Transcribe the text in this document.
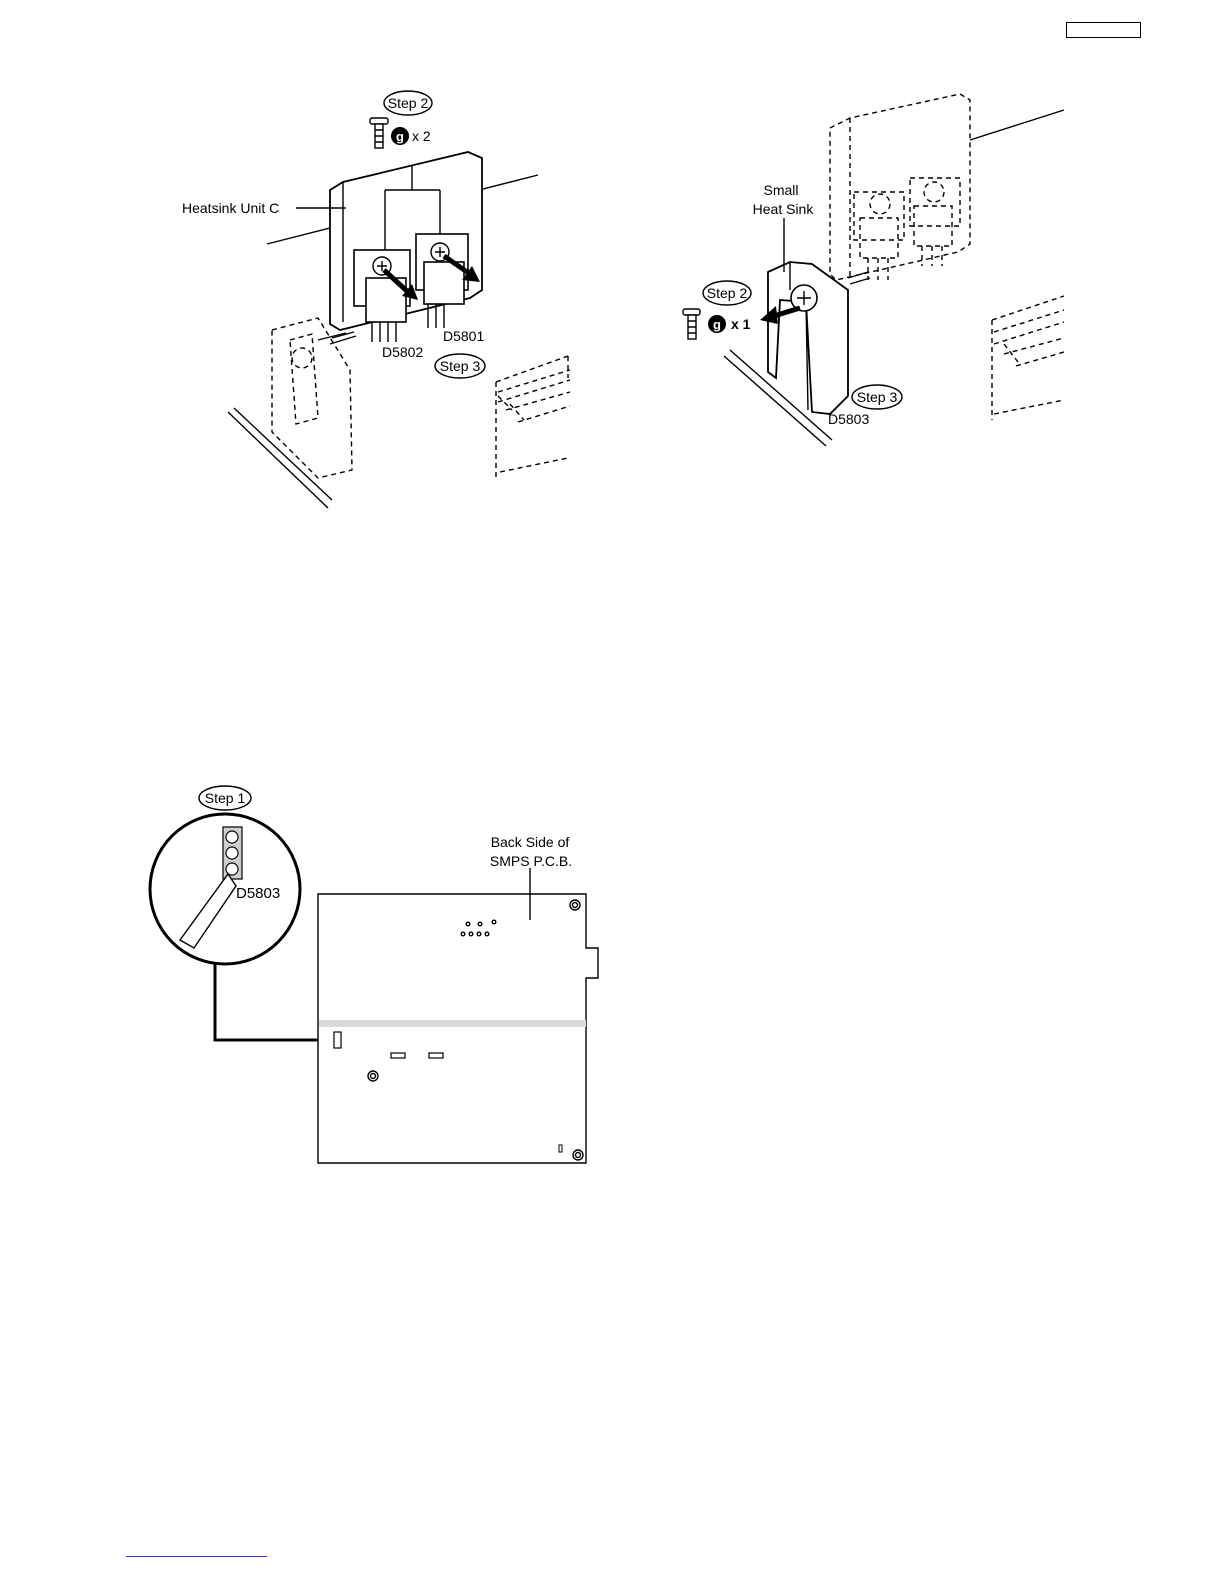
Step 2
g x 2
Heatsink Unit C
D5801
D5802
Step 3
Small
Heat Sink
Step 2
g x 1
Step 3
D5803
Step 1
D5803
Back Side of
SMPS P.C.B.
